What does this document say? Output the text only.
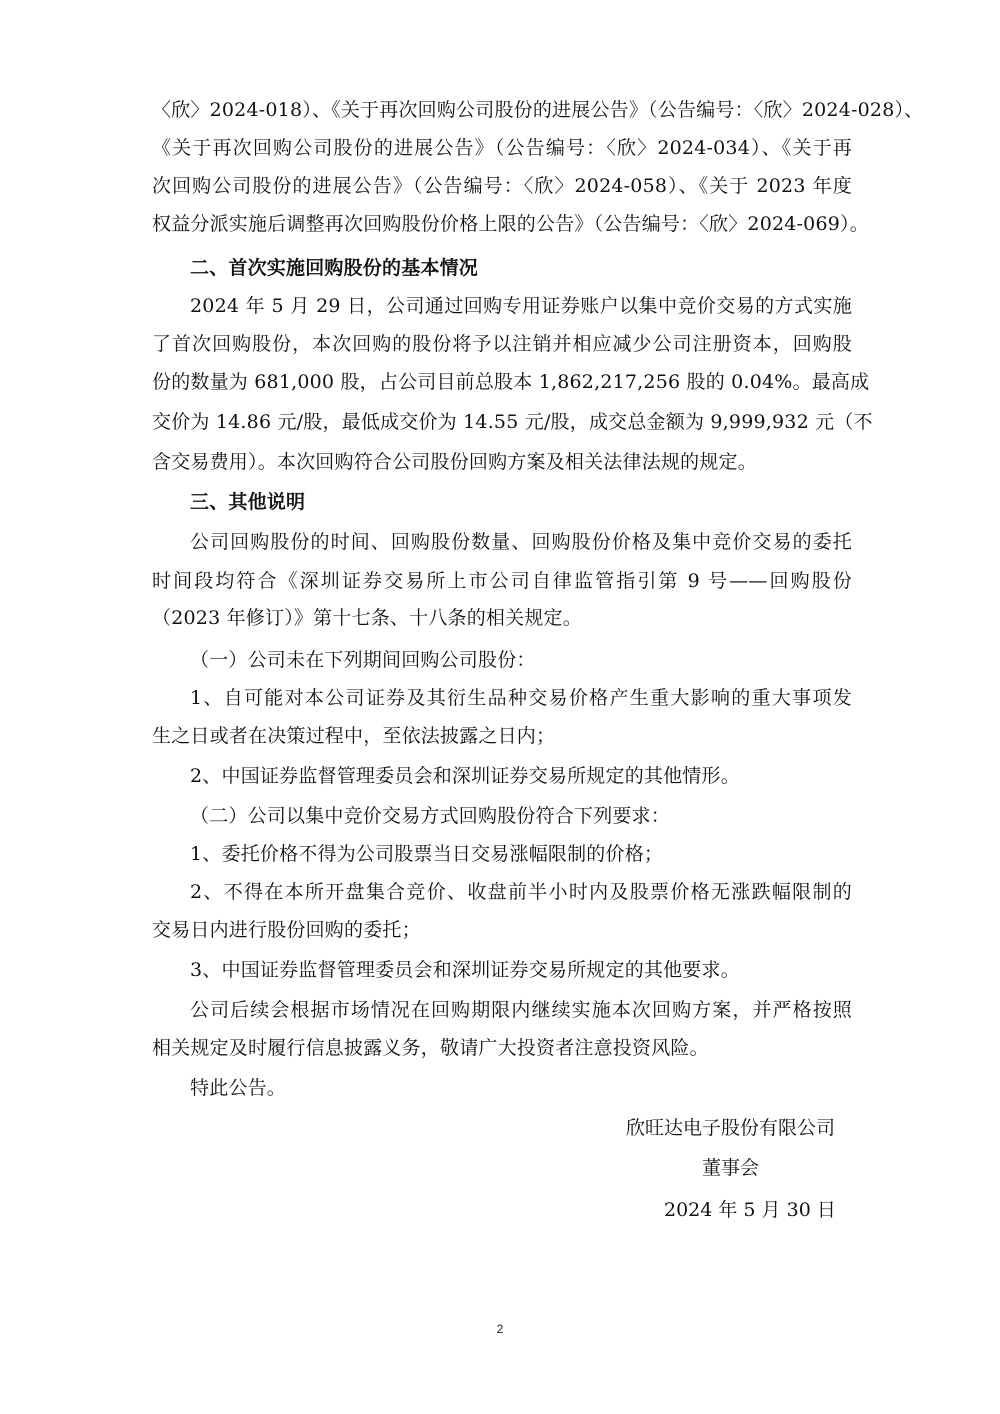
〈欣〉2024-018）、《关于再次回购公司股份的进展公告》（公告编号：〈欣〉2024-028）、
《关于再次回购公司股份的进展公告》（公告编号：〈欣〉2024-034）、《关于再
次回购公司股份的进展公告》（公告编号：〈欣〉2024-058）、《关于 2023 年度
权益分派实施后调整再次回购股份价格上限的公告》（公告编号：〈欣〉2024-069）。
二、首次实施回购股份的基本情况
2024 年 5 月 29 日，公司通过回购专用证券账户以集中竞价交易的方式实施
了首次回购股份，本次回购的股份将予以注销并相应减少公司注册资本，回购股
份的数量为 681,000 股，占公司目前总股本 1,862,217,256 股的 0.04%。最高成
交价为 14.86 元/股，最低成交价为 14.55 元/股，成交总金额为 9,999,932 元（不
含交易费用）。本次回购符合公司股份回购方案及相关法律法规的规定。
三、其他说明
公司回购股份的时间、回购股份数量、回购股份价格及集中竞价交易的委托
时间段均符合《深圳证券交易所上市公司自律监管指引第 9 号——回购股份
（2023 年修订）》第十七条、十八条的相关规定。
（一）公司未在下列期间回购公司股份：
1、自可能对本公司证券及其衍生品种交易价格产生重大影响的重大事项发
生之日或者在决策过程中，至依法披露之日内；
2、中国证券监督管理委员会和深圳证券交易所规定的其他情形。
（二）公司以集中竞价交易方式回购股份符合下列要求：
1、委托价格不得为公司股票当日交易涨幅限制的价格；
2、不得在本所开盘集合竞价、收盘前半小时内及股票价格无涨跌幅限制的
交易日内进行股份回购的委托；
3、中国证券监督管理委员会和深圳证券交易所规定的其他要求。
公司后续会根据市场情况在回购期限内继续实施本次回购方案，并严格按照
相关规定及时履行信息披露义务，敬请广大投资者注意投资风险。
特此公告。
欣旺达电子股份有限公司
董事会
2024 年 5 月 30 日
2
